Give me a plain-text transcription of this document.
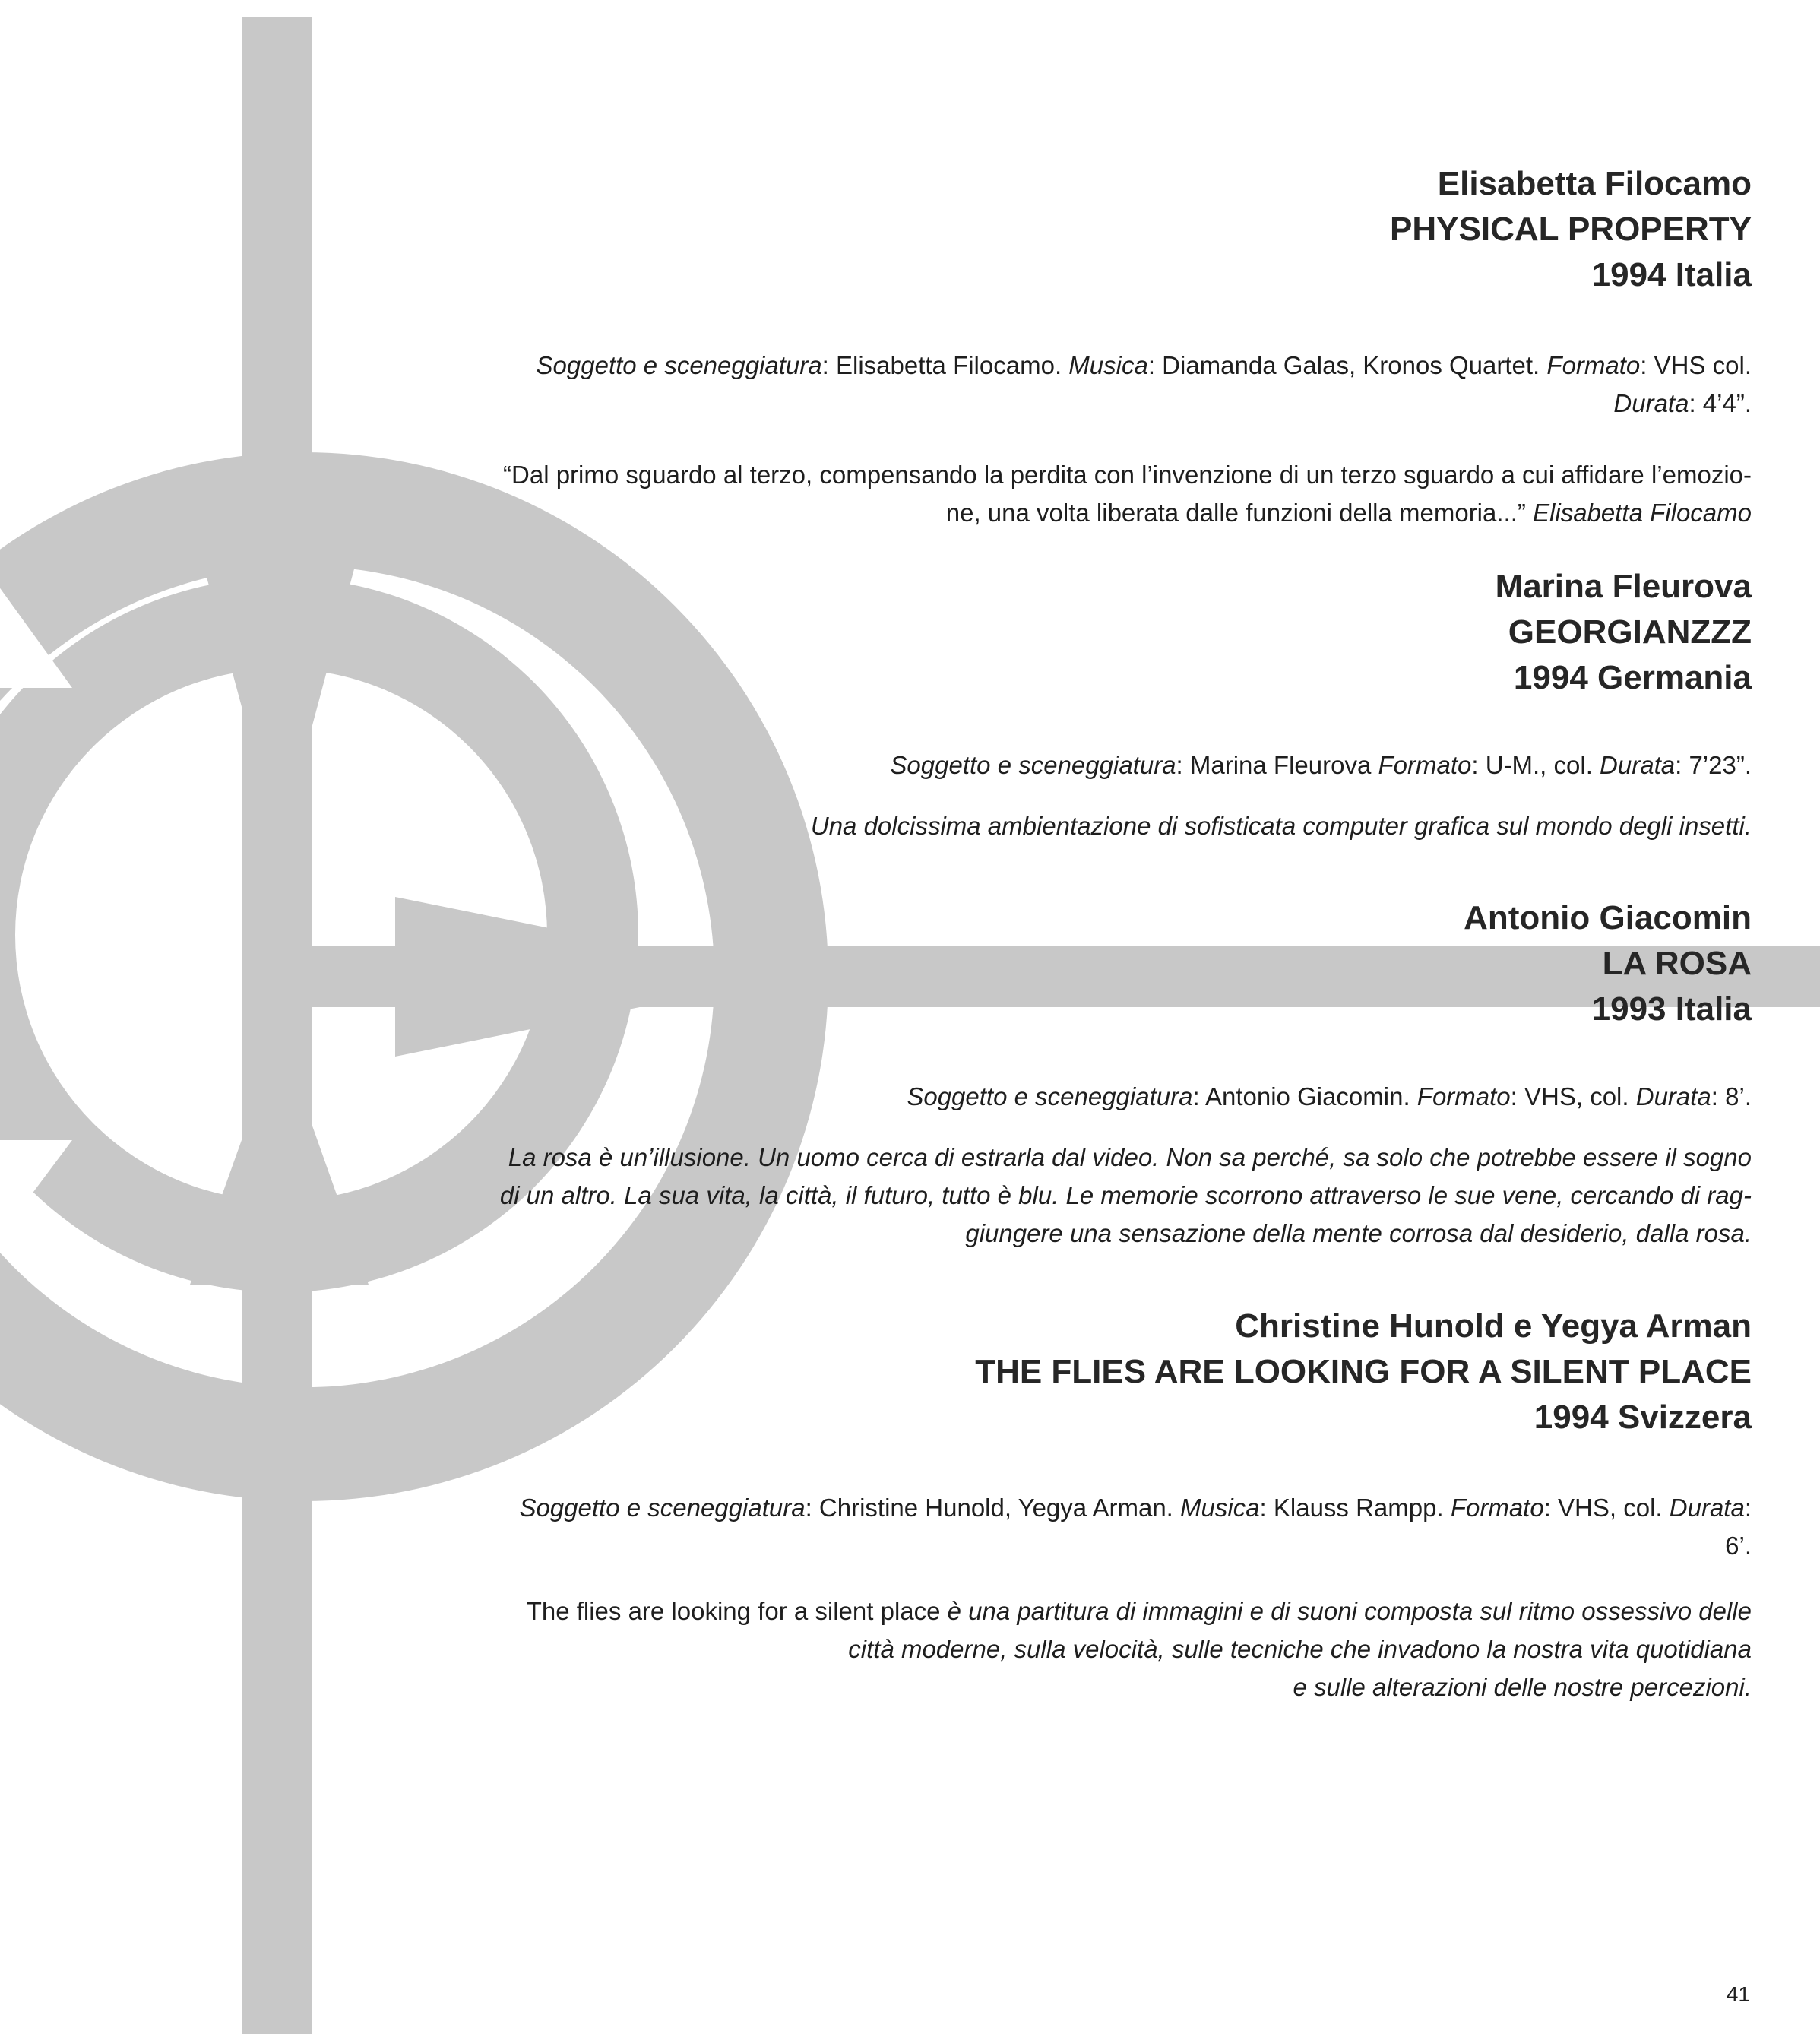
Elisabetta Filocamo
PHYSICAL PROPERTY
1994 Italia
Soggetto e sceneggiatura: Elisabetta Filocamo. Musica: Diamanda Galas, Kronos Quartet. Formato: VHS col.
Durata: 4’4”.
“Dal primo sguardo al terzo, compensando la perdita con l’invenzione di un terzo sguardo a cui affidare l’emozio-
ne, una volta liberata dalle funzioni della memoria...” Elisabetta Filocamo
Marina Fleurova
GEORGIANZZZ
1994 Germania
Soggetto e sceneggiatura: Marina Fleurova Formato: U-M., col. Durata: 7’23”.
Una dolcissima ambientazione di sofisticata computer grafica sul mondo degli insetti.
Antonio Giacomin
LA ROSA
1993 Italia
Soggetto e sceneggiatura: Antonio Giacomin. Formato: VHS, col. Durata: 8’.
La rosa è un’illusione. Un uomo cerca di estrarla dal video. Non sa perché, sa solo che potrebbe essere il sogno
di un altro. La sua vita, la città, il futuro, tutto è blu. Le memorie scorrono attraverso le sue vene, cercando di rag-
giungere una sensazione della mente corrosa dal desiderio, dalla rosa.
Christine Hunold e Yegya Arman
THE FLIES ARE LOOKING FOR A SILENT PLACE
1994 Svizzera
Soggetto e sceneggiatura: Christine Hunold, Yegya Arman. Musica: Klauss Rampp. Formato: VHS, col. Durata:
6’.
The flies are looking for a silent place è una partitura di immagini e di suoni composta sul ritmo ossessivo delle
città moderne, sulla velocità, sulle tecniche che invadono la nostra vita quotidiana
e sulle alterazioni delle nostre percezioni.
41
